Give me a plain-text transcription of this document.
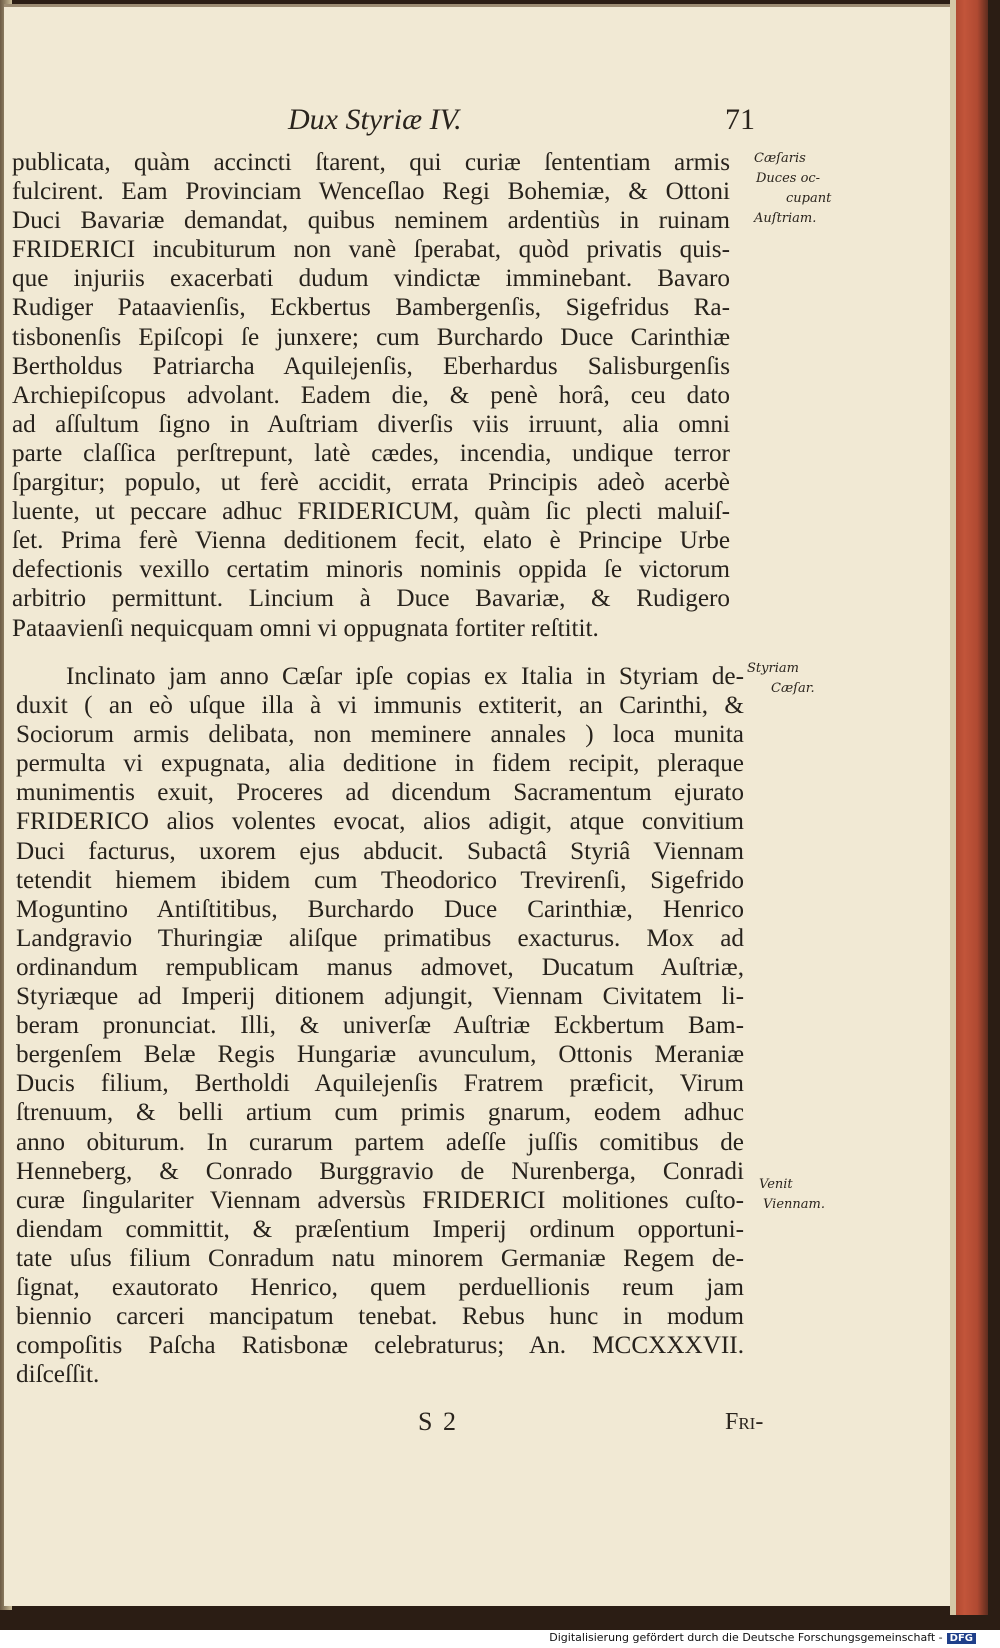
Dux Styriæ IV.	71
publicata, quàm accincti ſtarent, qui curiæ ſententiam armis
fulcirent. Eam Provinciam Wenceſlao Regi Bohemiæ, & Ottoni
Duci Bavariæ demandat, quibus neminem ardentiùs in ruinam
FRIDERICI incubiturum non vanè ſperabat, quòd privatis quis-
que injuriis exacerbati dudum vindictæ imminebant. Bavaro
Rudiger Pataavienſis, Eckbertus Bambergenſis, Sigefridus Ra-
tisbonenſis Epiſcopi ſe junxere; cum Burchardo Duce Carinthiæ
Bertholdus Patriarcha Aquilejenſis, Eberhardus Salisburgenſis
Archiepiſcopus advolant. Eadem die, & penè horâ, ceu dato
ad aſſultum ſigno in Auſtriam diverſis viis irruunt, alia omni
parte claſſica perſtrepunt, latè cædes, incendia, undique terror
ſpargitur; populo, ut ferè accidit, errata Principis adeò acerbè
luente, ut peccare adhuc FRIDERICUM, quàm ſic plecti maluiſ-
ſet. Prima ferè Vienna deditionem fecit, elato è Principe Urbe
defectionis vexillo certatim minoris nominis oppida ſe victorum
arbitrio permittunt. Lincium à Duce Bavariæ, & Rudigero
Pataavienſi nequicquam omni vi oppugnata fortiter reſtitit.
Inclinato jam anno Cæſar ipſe copias ex Italia in Styriam de-
duxit ( an eò uſque illa à vi immunis extiterit, an Carinthi, &
Sociorum armis delibata, non meminere annales ) loca munita
permulta vi expugnata, alia deditione in fidem recipit, pleraque
munimentis exuit, Proceres ad dicendum Sacramentum ejurato
FRIDERICO alios volentes evocat, alios adigit, atque convitium
Duci facturus, uxorem ejus abducit. Subactâ Styriâ Viennam
tetendit hiemem ibidem cum Theodorico Trevirenſi, Sigefrido
Moguntino Antiſtitibus, Burchardo Duce Carinthiæ, Henrico
Landgravio Thuringiæ aliſque primatibus exacturus. Mox ad
ordinandum rempublicam manus admovet, Ducatum Auſtriæ,
Styriæque ad Imperij ditionem adjungit, Viennam Civitatem li-
beram pronunciat. Illi, & univerſæ Auſtriæ Eckbertum Bam-
bergenſem Belæ Regis Hungariæ avunculum, Ottonis Meraniæ
Ducis filium, Bertholdi Aquilejenſis Fratrem præficit, Virum
ſtrenuum, & belli artium cum primis gnarum, eodem adhuc
anno obiturum. In curarum partem adeſſe juſſis comitibus de
Henneberg, & Conrado Burggravio de Nurenberga, Conradi
curæ ſingulariter Viennam adversùs FRIDERICI molitiones cuſto-
diendam committit, & præſentium Imperij ordinum opportuni-
tate uſus filium Conradum natu minorem Germaniæ Regem de-
ſignat, exautorato Henrico, quem perduellionis reum jam
biennio carceri mancipatum tenebat. Rebus hunc in modum
compoſitis Paſcha Ratisbonæ celebraturus; An. MCCXXXVII.
diſceſſit.
Cæſaris
Duces oc-
cupant
Auſtriam.
Styriam
Cæſar.
Venit
Viennam.
S 2	Fri-
Digitalisierung gefördert durch die Deutsche Forschungsgemeinschaft - DFG
